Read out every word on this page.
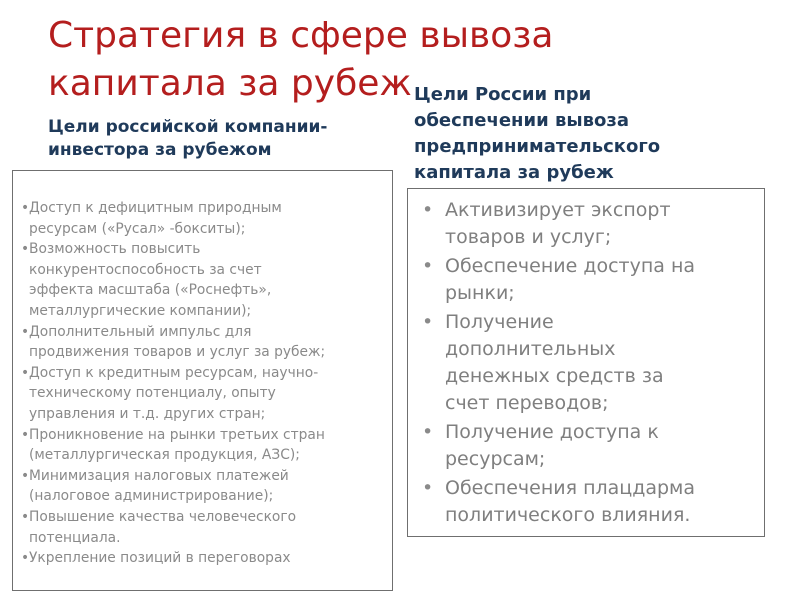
Стратегия в сфере вывоза
капитала за рубеж
Цели российской компании-
инвестора за рубежом
Цели России при
обеспечении вывоза
предпринимательского
капитала за рубеж
• Доступ к дефицитным природным
ресурсам («Русал» -бокситы);
• Возможность повысить
конкурентоспособность за счет
эффекта масштаба («Роснефть»,
металлургические компании);
• Дополнительный импульс для
продвижения товаров и услуг за рубеж;
• Доступ к кредитным ресурсам, научно-
техническому потенциалу, опыту
управления и т.д. других стран;
• Проникновение на рынки третьих стран
(металлургическая продукция, АЗС);
• Минимизация налоговых платежей
(налоговое администрирование);
• Повышение качества человеческого
потенциала.
• Укрепление позиций в переговорах
• Активизирует экспорт
товаров и услуг;
• Обеспечение доступа на
рынки;
• Получение
дополнительных
денежных средств за
счет переводов;
• Получение доступа к
ресурсам;
• Обеспечения плацдарма
политического влияния.
